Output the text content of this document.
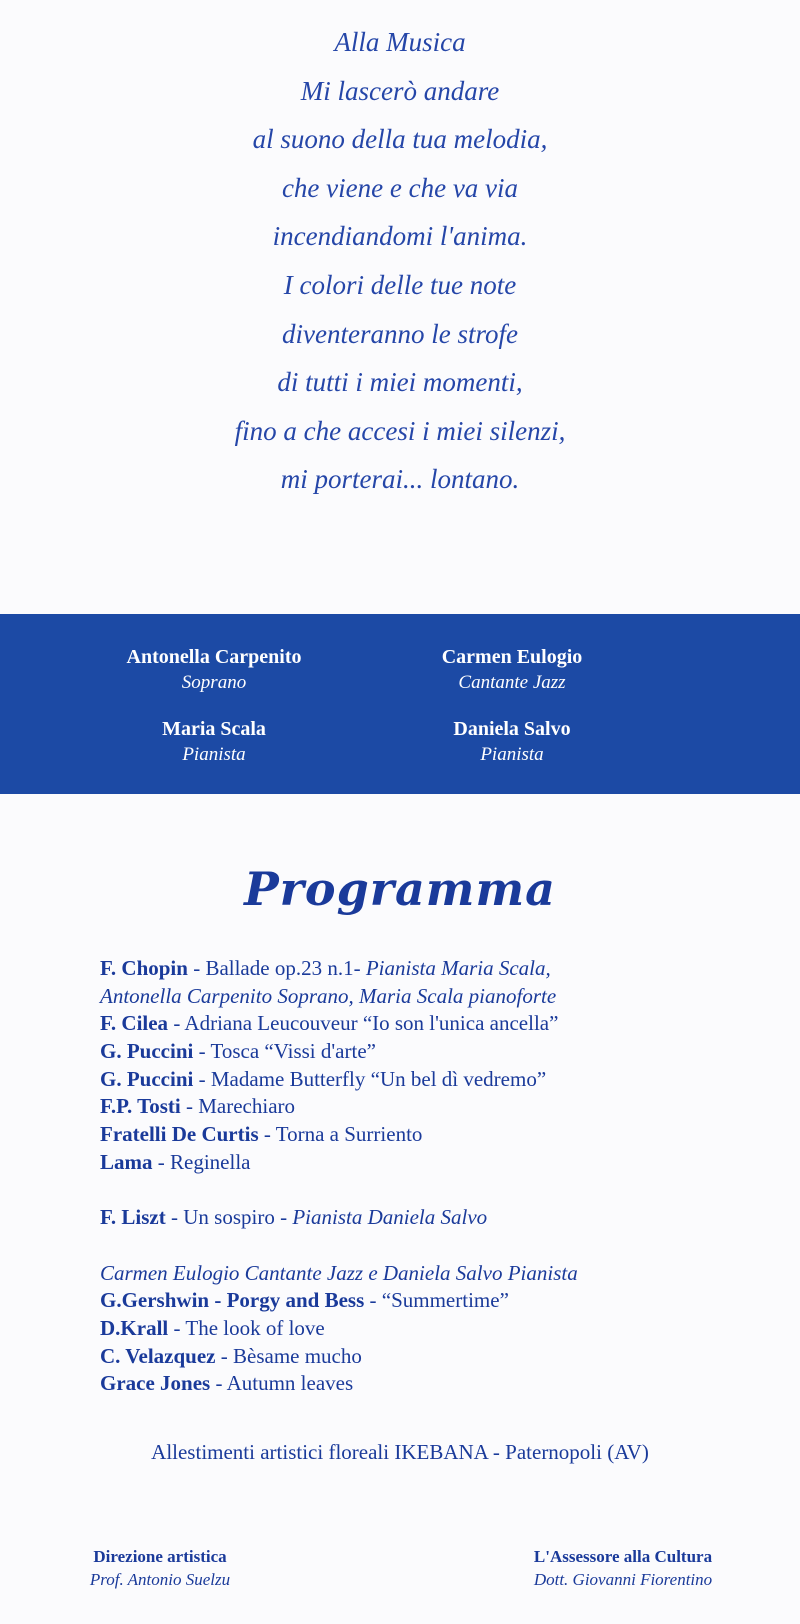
Alla Musica
Mi lascerò andare
al suono della tua melodia,
che viene e che va via
incendiandomi l'anima.
I colori delle tue note
diventeranno le strofe
di tutti i miei momenti,
fino a che accesi i miei silenzi,
mi porterai... lontano.
Antonella Carpenito
Soprano
Carmen Eulogio
Cantante Jazz
Maria Scala
Pianista
Daniela Salvo
Pianista
Programma
F. Chopin - Ballade op.23 n.1- Pianista Maria Scala,
Antonella Carpenito Soprano, Maria Scala pianoforte
F. Cilea - Adriana Leucouveur “Io son l'unica ancella”
G. Puccini - Tosca “Vissi d'arte”
G. Puccini - Madame Butterfly “Un bel dì vedremo”
F.P. Tosti - Marechiaro
Fratelli De Curtis - Torna a Surriento
Lama - Reginella
F. Liszt - Un sospiro - Pianista Daniela Salvo
Carmen Eulogio Cantante Jazz e Daniela Salvo Pianista
G.Gershwin - Porgy and Bess - “Summertime”
D.Krall - The look of love
C. Velazquez - Bèsame mucho
Grace Jones - Autumn leaves
Allestimenti artistici floreali IKEBANA - Paternopoli (AV)
Direzione artistica
Prof. Antonio Suelzu
L'Assessore alla Cultura
Dott. Giovanni Fiorentino
